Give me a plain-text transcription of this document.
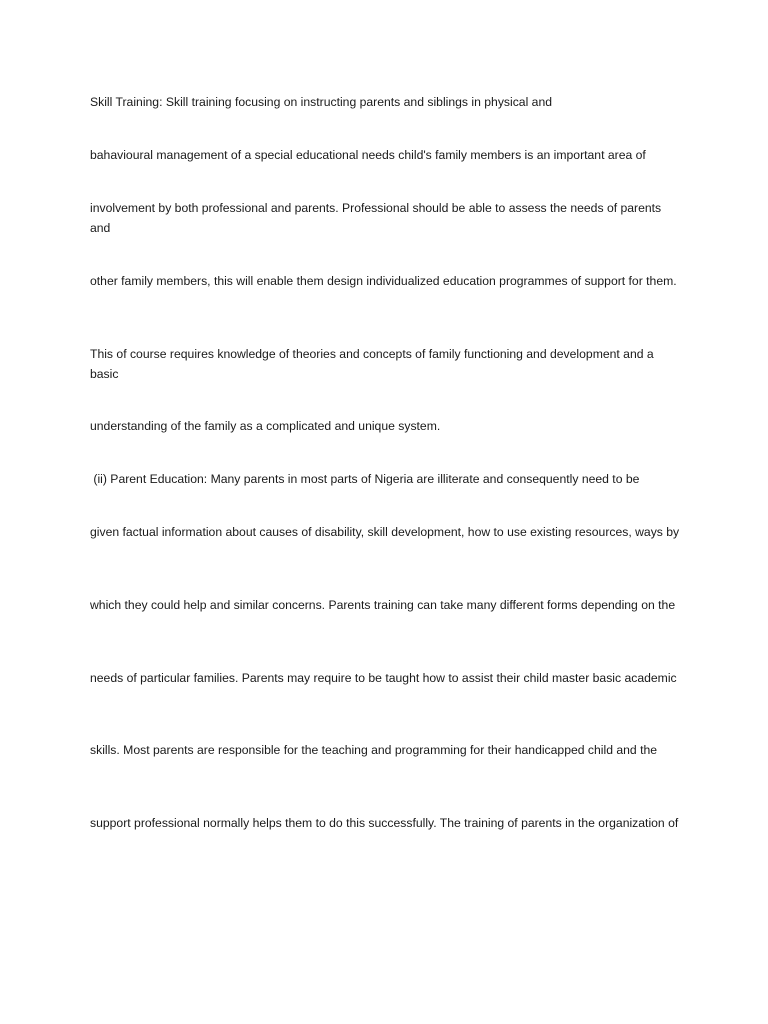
Skill Training: Skill training focusing on instructing parents and siblings in physical and

bahavioural management of a special educational needs child's family members is an important area of

involvement by both professional and parents. Professional should be able to assess the needs of parents and

other family members, this will enable them design individualized education programmes of support for them.

This of course requires knowledge of theories and concepts of family functioning and development and a basic

understanding of the family as a complicated and unique system.

(ii) Parent Education: Many parents in most parts of Nigeria are illiterate and consequently need to be

given factual information about causes of disability, skill development, how to use existing resources, ways by

which they could help and similar concerns. Parents training can take many different forms depending on the

needs of particular families. Parents may require to be taught how to assist their child master basic academic

skills. Most parents are responsible for the teaching and programming for their handicapped child and the

support professional normally helps them to do this successfully. The training of parents in the organization of
